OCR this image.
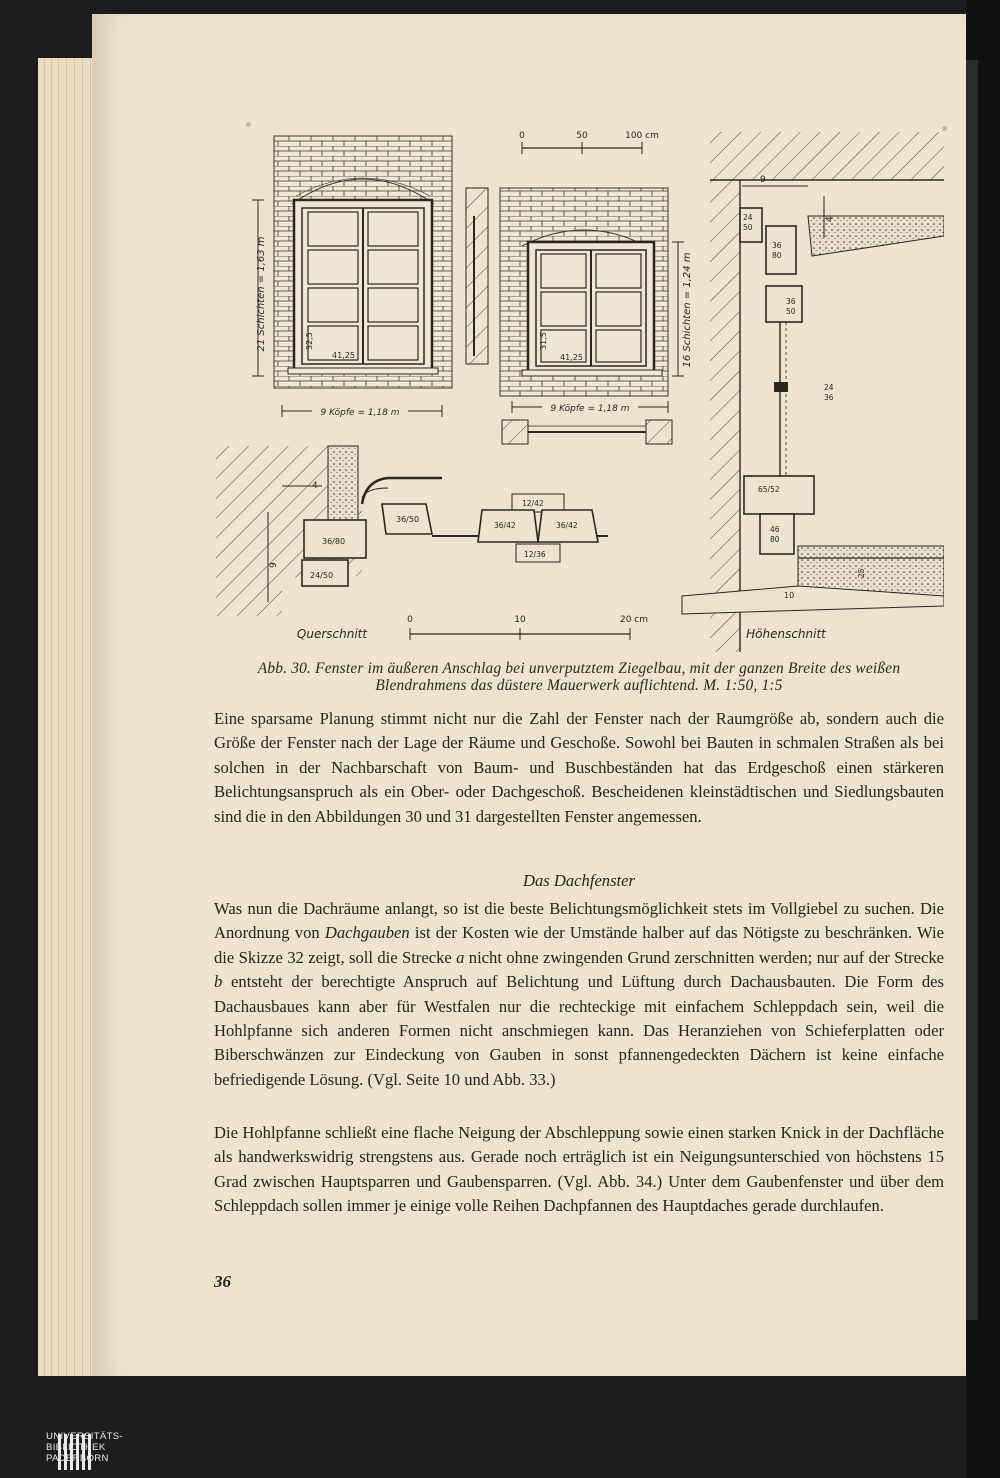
21 Schichten = 1,63 m	32,5
41,25
9 Köpfe = 1,18 m
0	50	100 cm
16 Schichten = 1,24 m
31,5
41,25
9 Köpfe = 1,18 m
9
4
24
50
36
80
36
50
24
36
65/52
46
80
25
10
Höhenschnitt
4
9
36/80
24/50
36/50
12/42
36/42	36/42
12/36
0	10	20 cm
Querschnitt
Abb. 30. Fenster im äußeren Anschlag bei unverputztem Ziegelbau, mit der ganzen Breite des weißen
Blendrahmens das düstere Mauerwerk auflichtend. M. 1:50, 1:5
Eine sparsame Planung stimmt nicht nur die Zahl der Fenster nach der Raumgröße ab, sondern auch die Größe der Fenster nach der Lage der Räume und Geschoße. Sowohl bei Bauten in schmalen Straßen als bei solchen in der Nachbarschaft von Baum- und Buschbeständen hat das Erdgeschoß einen stärkeren Belichtungsanspruch als ein Ober- oder Dachgeschoß. Bescheidenen kleinstädtischen und Siedlungsbauten sind die in den Abbildungen 30 und 31 dargestellten Fenster angemessen.
Das Dachfenster
Was nun die Dachräume anlangt, so ist die beste Belichtungsmöglichkeit stets im Vollgiebel zu suchen. Die Anordnung von Dachgauben ist der Kosten wie der Umstände halber auf das Nötigste zu beschränken. Wie die Skizze 32 zeigt, soll die Strecke a nicht ohne zwingenden Grund zerschnitten werden; nur auf der Strecke b entsteht der berechtigte Anspruch auf Belichtung und Lüftung durch Dachausbauten. Die Form des Dachausbaues kann aber für Westfalen nur die rechteckige mit einfachem Schleppdach sein, weil die Hohlpfanne sich anderen Formen nicht anschmiegen kann. Das Heranziehen von Schieferplatten oder Biberschwänzen zur Eindeckung von Gauben in sonst pfannengedeckten Dächern ist keine einfache befriedigende Lösung. (Vgl. Seite 10 und Abb. 33.)
Die Hohlpfanne schließt eine flache Neigung der Abschleppung sowie einen starken Knick in der Dachfläche als handwerkswidrig strengstens aus. Gerade noch erträglich ist ein Neigungsunterschied von höchstens 15 Grad zwischen Hauptsparren und Gaubensparren. (Vgl. Abb. 34.) Unter dem Gaubenfenster und über dem Schleppdach sollen immer je einige volle Reihen Dachpfannen des Hauptdaches gerade durchlaufen.
36
UNIVERSITÄTS-
BIBLIOTHEK
PADERBORN
